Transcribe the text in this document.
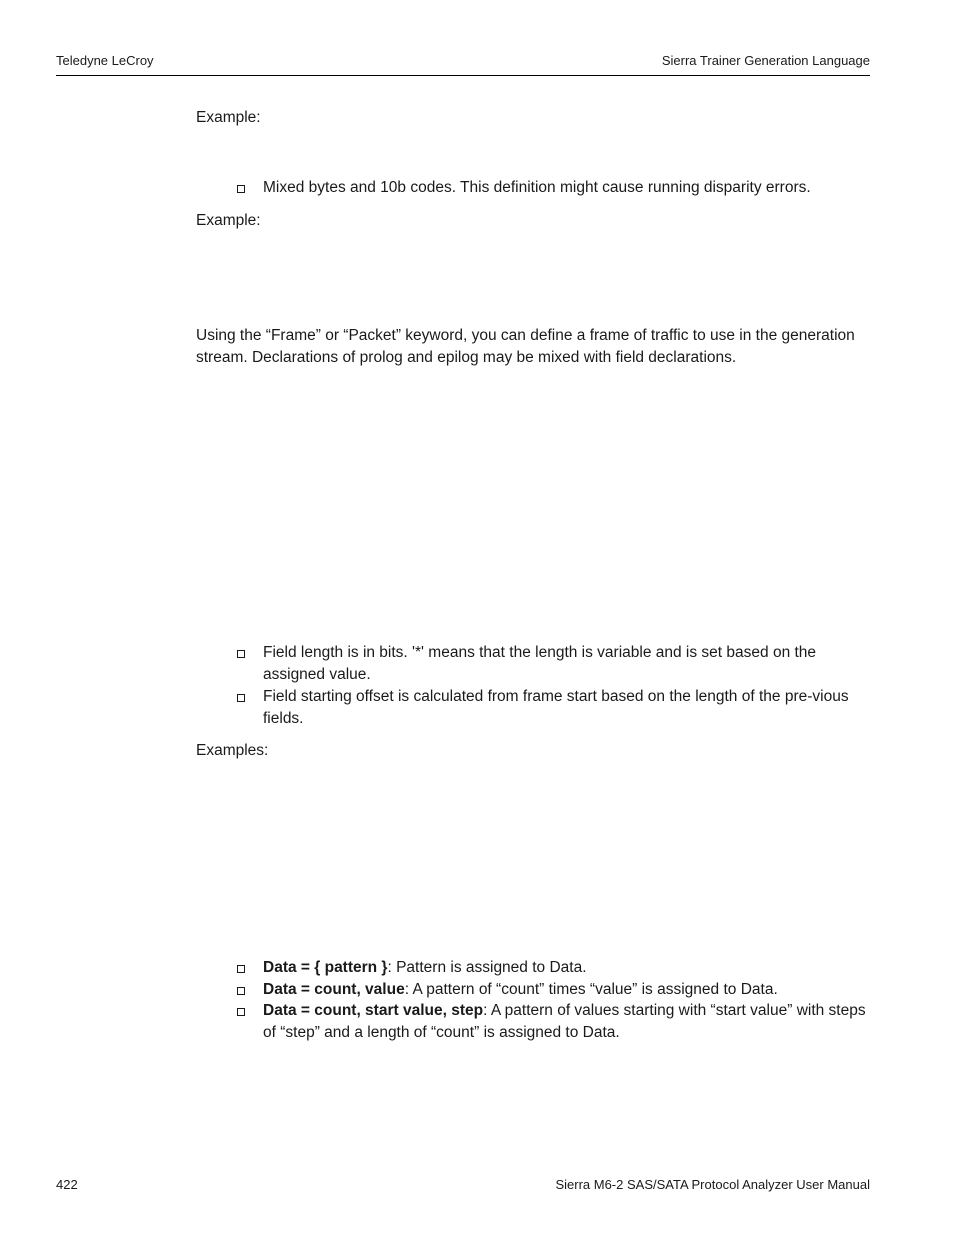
Teledyne LeCroy	Sierra Trainer Generation Language
Example:
Mixed bytes and 10b codes. This definition might cause running disparity errors.
Example:
Using the “Frame” or “Packet” keyword, you can define a frame of traffic to use in the generation stream. Declarations of prolog and epilog may be mixed with field declarations.
Field length is in bits. '*' means that the length is variable and is set based on the assigned value.
Field starting offset is calculated from frame start based on the length of the pre-vious fields.
Examples:
Data = { pattern }: Pattern is assigned to Data.
Data = count, value: A pattern of “count” times “value” is assigned to Data.
Data = count, start value, step: A pattern of values starting with “start value” with steps of “step” and a length of “count” is assigned to Data.
422	Sierra M6-2 SAS/SATA Protocol Analyzer User Manual
